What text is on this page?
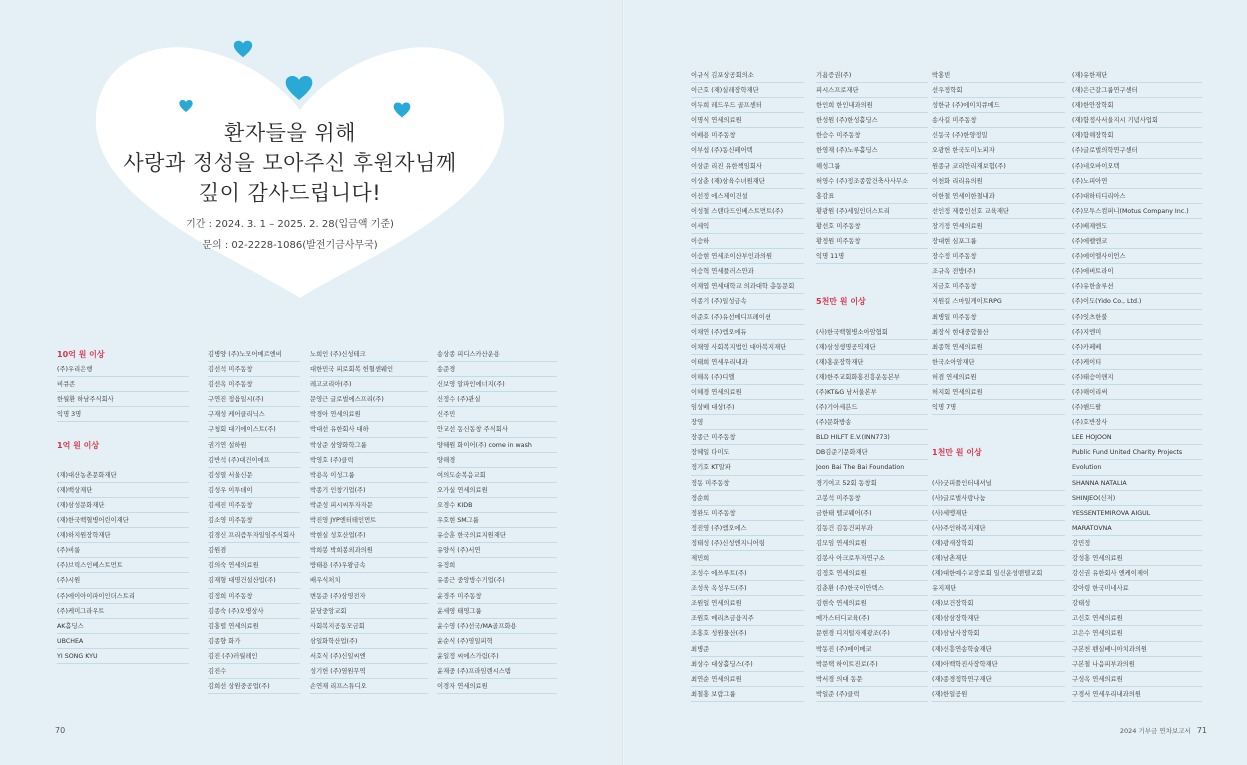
환자들을 위해
사랑과 정성을 모아주신 후원자님께
깊이 감사드립니다!
기간 : 2024. 3. 1 – 2025. 2. 28(입금액 기준)
문의 : 02-2228-1086(발전기금사무국)
70	2024 기부금 연차보고서 71
10억 원 이상
(주)우리은행
비큐존
한월환 하남주식회사
익명 3명
1억 원 이상
(재)대산농촌문화재단
(재)백상재단
(재)삼성문화재단
(재)한국백혈병어린이재단
(재)하지원장학재단
(주)비룸
(주)브릭스인베스트먼트
(주)시원
(주)에이아이파이인더스트리
(주)케미그라우트
AK홀딩스
UBCHEA
YI SONG KYU
김병양 (주)노모어메르엔비
김선석 미주동창
김선옥 미주동창
구연진 정읍일시(주)
구재성 케어클리닉스
구청회 대기에이스트(주)
권기연 설하원
김반석 (주)대건이에프
김성열 서울신문
김성우 이투데이
김세진 미주동창
김소영 미주동창
김경신 프리즘투자일임주식회사
김원겸
김의숙 연세의료원
김재형 대명건설산업(주)
김정희 미주동창
김종숙 (주)오병상사
김홍렬 연세의료원
김종향 화가
김진 (주)러월레인
김진수
김희선 상원중공업(주)
노희인 (주)신성테크
대한민국 피로회복 헌혈센웨인
레고코리아(주)
문영근 글로벌에스프리(주)
박경아 연세의료원
박대선 유한회사 대하
박상준 삼양화학그룹
박영호 (주)클럭
박용옥 이성그룹
박종기 인창기업(주)
박준성 피시씨투자자문
박진영 JYP엔터테인먼트
박현실 성호산업(주)
박희봉 박희봉외과의원
방태용 (주)우왕금속
배우식처치
변동준 (주)삼영전자
분당중앙교회
사회복지공동모금회
삼일화학산업(주)
서호식 (주)신일씨엔
성기헌 (주)염원무역
손연재 리프스튜디오
송상종 피디스카산운용
송준경
신보영 알파인에너지(주)
신정수 (주)관실
신주민
안교선 동신동창 주식회사
양혜원 화이어(주) come in wash
양해경
여의도순복음교회
오가실 연세의료원
오경수 KIDB
우호현 SM그룹
유승훈 한국의료지원재단
유양식 (주)서연
유정희
유종근 중앙방수기업(주)
윤경주 미주동창
윤세영 태영그룹
윤수영 (주)선국/MA골프화용
윤순식 (주)영일피혁
윤일정 씨에스가림(주)
윤재중 (주)프라임렌시스템
이경자 연세의료원
이규식 김포상공회의소
이근호 (재)실래장학재단
이두희 레드우드 골프센터
이명식 연세의료원
이배용 미주동창
이부섭 (주)동신페어텍
이상준 리진 유한책임회사
이상춘 (재)삼육수녀원재단
이선정 에스제이건설
이성철 스탠다드인베스트먼트(주)
이세익
이승하
이승현 연세조이산부인과의원
이승혁 연세플러스안과
이재엽 연세대학교 의과대학 총동문회
이종기 (주)일성금속
이준호 (주)유선메디프레이션
이채연 (주)엠오에듀
이채영 사회복지법인 대아복지재단
이태희 연세우리내과
이해옥 (주)디엘
이혜경 연세의료원
임상배 대상(주)
장영
장종근 미주동창
장혜일 다미도
정기호 KT알파
정동 미주동창
정순희
정완도 미주동창
정진영 (주)엠오에스
정태성 (주)신성엔지니어링
제민희
조성수 에쓰루트(주)
조성욱 옥성우드(주)
조원일 연세의료원
조원호 메리츠금융지주
조홍호 성원물산(주)
최병준
최상수 대상홀딩스(주)
최연순 연세의료원
최철홍 보람그룹
기욤증권(주)
피시스프로재단
한인희 한인내과의원
한성원 (주)한성홀딩스
한승수 미주동창
한영재 (주)노루홀딩스
해성그룹
허영수 (주)정조종합건축사사무소
홍감표
황광원 (주)세일인더스트리
황선호 미주동창
황정원 미주동창
익명 11명
5천만 원 이상
(사)한국백혈병소아암협회
(재)삼성생명공익재단
(재)홍운장학재단
(재)한주교회화홍진흥운동본부
(주)KT&G 남서울본부
(주)기아세븐드
(주)문화방송
BLD HILFT E.V.(INN773)
DB김준기문화재단
Joon Bai The Bai Foundation
경기여고 52회 동창회
고봉석 미주동창
금한태 텔코웨어(주)
김동건 김동건피부과
김모임 연세의료원
김봉사 아크로투자연구소
김정호 연세의료원
김춘환 (주)한국이안텍스
김현숙 연세의료원
메가스터디교육(주)
문현경 디지털자제광조(주)
박동진 (주)메이메코
박문택 하이트진로(주)
박서경 의대 동문
박일준 (주)클럭
박홍빈
선우정학회
성한규 (주)에이치큐메드
송사길 미주동창
신동국 (주)한양정밀
오광헌 한국도미노피자
원종규 코리안리재보험(주)
이천화 리리유의원
이한철 연세이한철내과
선인정 제품인선호 교육재단
장기정 연세의료원
장대현 심포그룹
장수정 미주동창
조규옥 전방(주)
지금호 미주동창
지원길 스마일게이트RPG
최병일 미주동창
최장식 현대중합물산
최종혁 연세의료원
한국소아암재단
허겸 연세의료원
허지회 연세의료원
익명 7명
1천만 원 이상
(사)굿피플인터내셔널
(사)글로벌사랑나눔
(사)세맹재단
(사)주인하복지재단
(재)광새장학회
(재)남촌재단
(재)대한예수교장로회 일신운성맨델교회
유지재단
(재)보건장학회
(재)삼삼장학재단
(재)삼남사장학회
(재)신흥연송학술재단
(재)아백학진사장학재단
(재)종경정학연구재단
(재)한일공원
(재)유한재단
(재)은근갈그룹연구센터
(재)한안장학회
(재)함정사서울지시 기념사업회
(재)함해장학회
(주)글로벌의학연구센터
(주)네오바이오텍
(주)노피아연
(주)대하티디리아스
(주)모투스컴퍼니(Motus Company Inc.)
(주)배재엔도
(주)에펠엔코
(주)에이엘사이언스
(주)에버트라이
(주)유한솔루션
(주)이도(Yido Co., Ltd.)
(주)잇츠한불
(주)지엔미
(주)카페베
(주)케이티
(주)태승이앤지
(주)해이리써
(주)핸드팔
(주)호반장사
LEE HOJOON
Public Fund United Charity Projects
Evolution
SHANNA NATALIA
SHINJEO(신저)
YESSENTEMIROVA AIGUL
MARATOVNA
강민정
강성홍 연세의료원
강신권 유한회사 엔케이제이
강아령 한국미네사료
강태성
고신호 연세의료원
고은수 연세의료원
구본천 펜실베니아치과의원
구본철 나음피부과의원
구성옥 연세의료원
구경서 연세우리내과의원
